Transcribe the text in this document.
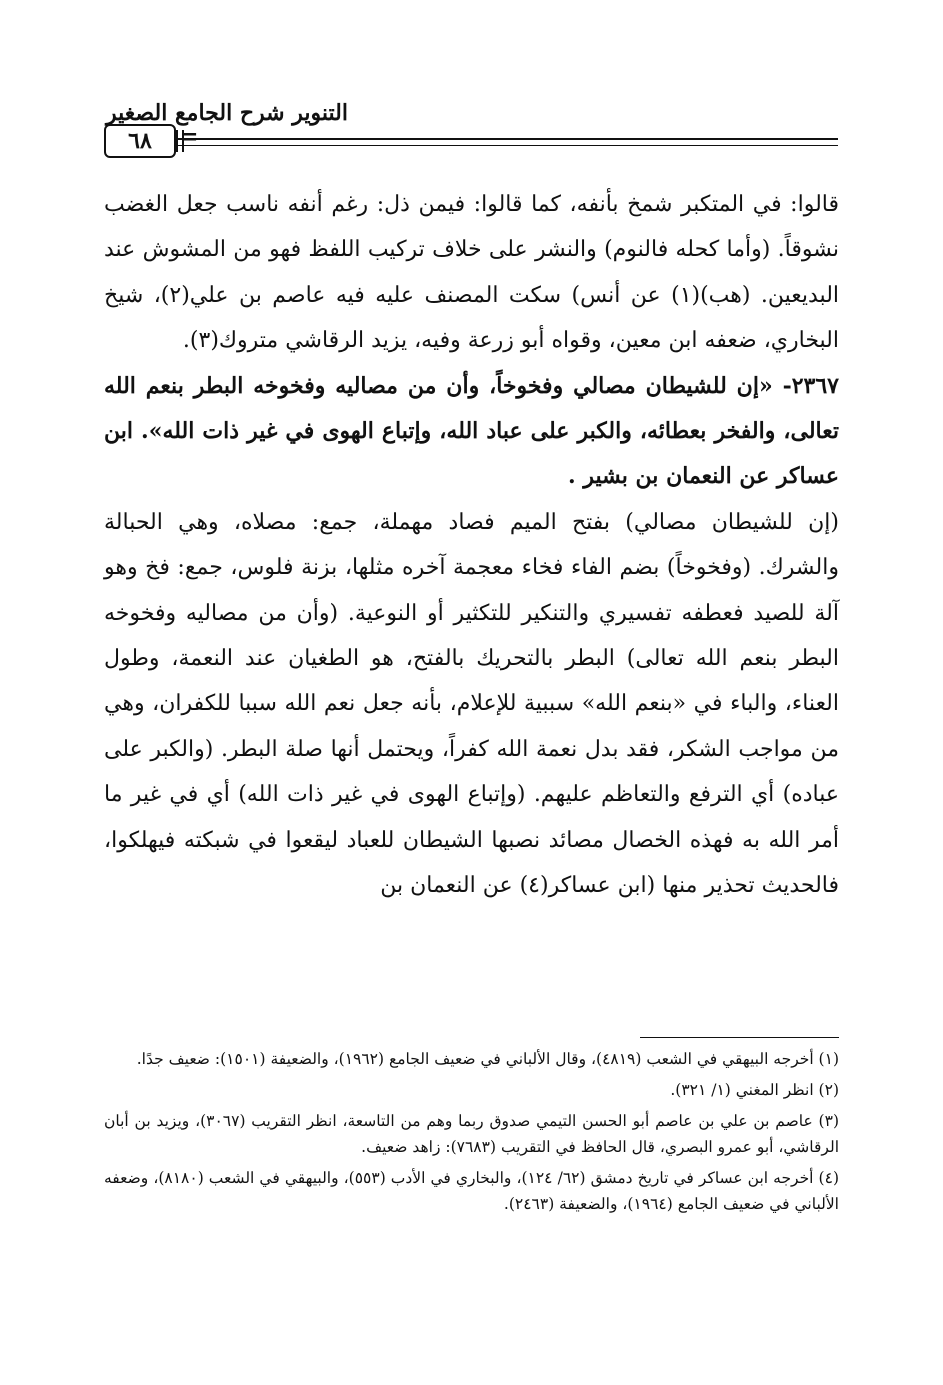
التنوير شرح الجامع الصغير
٦٨	=

قالوا: في المتكبر شمخ بأنفه، كما قالوا: فيمن ذل: رغم أنفه ناسب جعل الغضب نشوقاً. (وأما كحله فالنوم) والنشر على خلاف تركيب اللفظ فهو من المشوش عند البديعين. (هب)(١) عن أنس) سكت المصنف عليه فيه عاصم بن علي(٢)، شيخ البخاري، ضعفه ابن معين، وقواه أبو زرعة وفيه، يزيد الرقاشي متروك(٣).

٢٣٦٧- «إن للشيطان مصالي وفخوخاً، وأن من مصاليه وفخوخه البطر بنعم الله تعالى، والفخر بعطائه، والكبر على عباد الله، وإتباع الهوى في غير ذات الله». ابن عساكر عن النعمان بن بشير .

(إن للشيطان مصالي) بفتح الميم فصاد مهملة، جمع: مصلاه، وهي الحبالة والشرك. (وفخوخاً) بضم الفاء فخاء معجمة آخره مثلها، بزنة فلوس، جمع: فخ وهو آلة للصيد فعطفه تفسيري والتنكير للتكثير أو النوعية. (وأن من مصاليه وفخوخه البطر بنعم الله تعالى) البطر بالتحريك بالفتح، هو الطغيان عند النعمة، وطول العناء، والباء في «بنعم الله» سببية للإعلام، بأنه جعل نعم الله سببا للكفران، وهي من مواجب الشكر، فقد بدل نعمة الله كفراً، ويحتمل أنها صلة البطر. (والكبر على عباده) أي الترفع والتعاظم عليهم. (وإتباع الهوى في غير ذات الله) أي في غير ما أمر الله به فهذه الخصال مصائد نصبها الشيطان للعباد ليقعوا في شبكته فيهلكوا، فالحديث تحذير منها (ابن عساكر(٤) عن النعمان بن

(١) أخرجه البيهقي في الشعب (٤٨١٩)، وقال الألباني في ضعيف الجامع (١٩٦٢)، والضعيفة (١٥٠١): ضعيف جدًا.

(٢) انظر المغني (١/ ٣٢١).

(٣) عاصم بن علي بن عاصم أبو الحسن التيمي صدوق ربما وهم من التاسعة، انظر التقريب (٣٠٦٧)، ويزيد بن أبان الرقاشي، أبو عمرو البصري، قال الحافظ في التقريب (٧٦٨٣): زاهد ضعيف.

(٤) أخرجه ابن عساكر في تاريخ دمشق (٦٢/ ١٢٤)، والبخاري في الأدب (٥٥٣)، والبيهقي في الشعب (٨١٨٠)، وضعفه الألباني في ضعيف الجامع (١٩٦٤)، والضعيفة (٢٤٦٣).
